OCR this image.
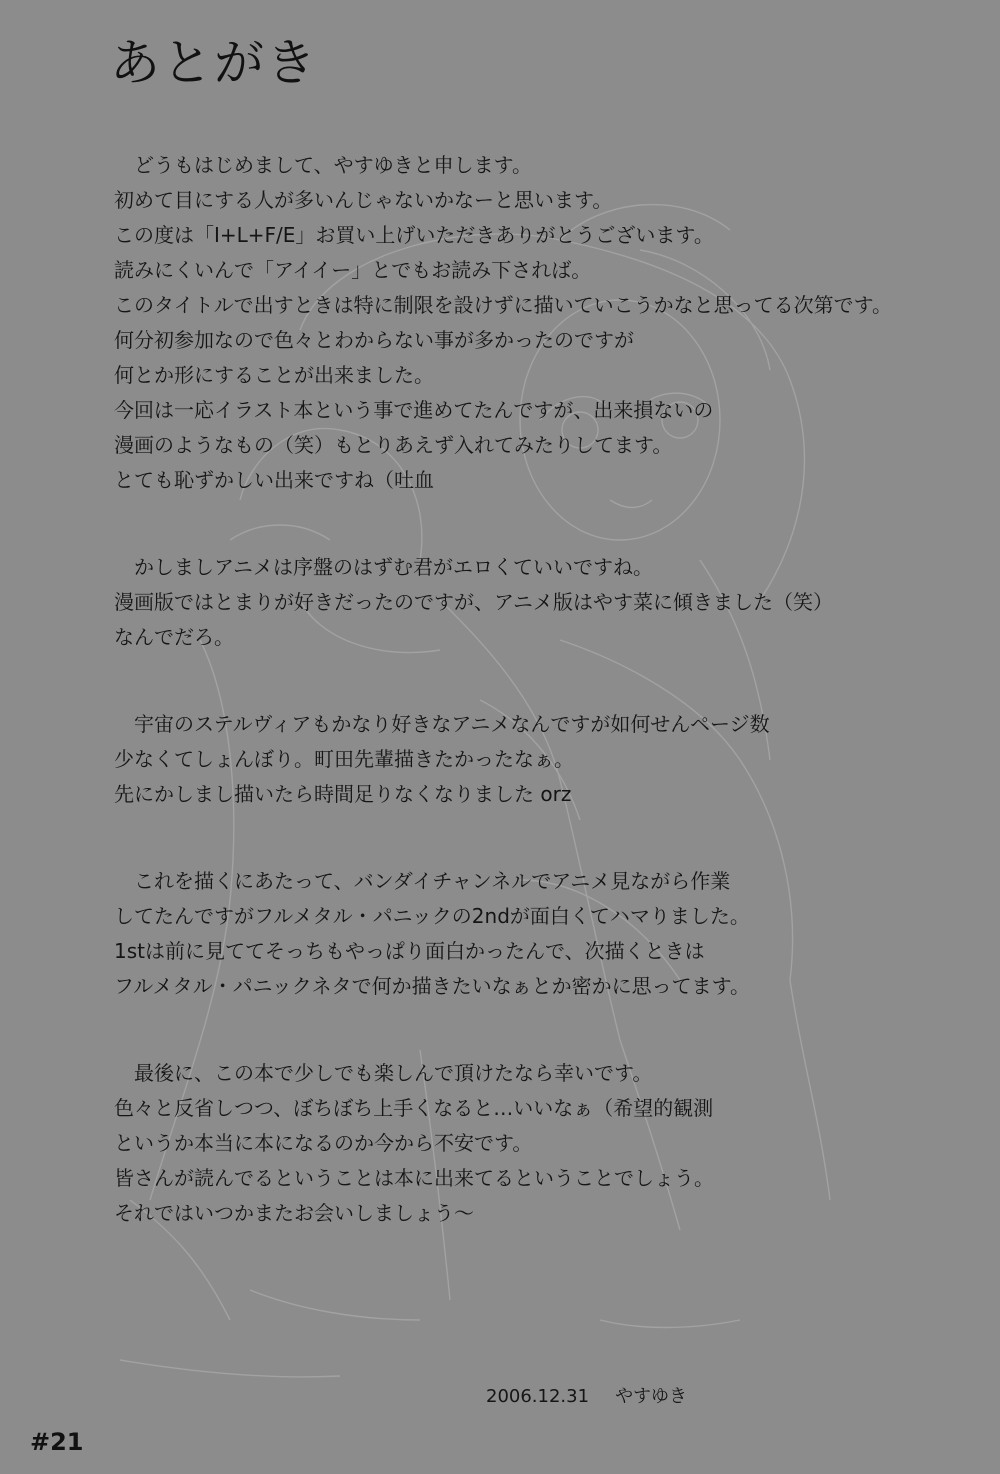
あとがき
　どうもはじめまして、やすゆきと申します。
初めて目にする人が多いんじゃないかなーと思います。
この度は「I+L+F/E」お買い上げいただきありがとうございます。
読みにくいんで「アイイー」とでもお読み下されば。
このタイトルで出すときは特に制限を設けずに描いていこうかなと思ってる次第です。
何分初参加なので色々とわからない事が多かったのですが
何とか形にすることが出来ました。
今回は一応イラスト本という事で進めてたんですが、出来損ないの
漫画のようなもの（笑）もとりあえず入れてみたりしてます。
とても恥ずかしい出来ですね（吐血
　かしましアニメは序盤のはずむ君がエロくていいですね。
漫画版ではとまりが好きだったのですが、アニメ版はやす菜に傾きました（笑）
なんでだろ。
　宇宙のステルヴィアもかなり好きなアニメなんですが如何せんページ数
少なくてしょんぼり。町田先輩描きたかったなぁ。
先にかしまし描いたら時間足りなくなりました orz
　これを描くにあたって、バンダイチャンネルでアニメ見ながら作業
してたんですがフルメタル・パニックの2ndが面白くてハマりました。
1stは前に見ててそっちもやっぱり面白かったんで、次描くときは
フルメタル・パニックネタで何か描きたいなぁとか密かに思ってます。
　最後に、この本で少しでも楽しんで頂けたなら幸いです。
色々と反省しつつ、ぼちぼち上手くなると…いいなぁ（希望的観測
というか本当に本になるのか今から不安です。
皆さんが読んでるということは本に出来てるということでしょう。
それではいつかまたお会いしましょう～
2006.12.31 やすゆき
#21
